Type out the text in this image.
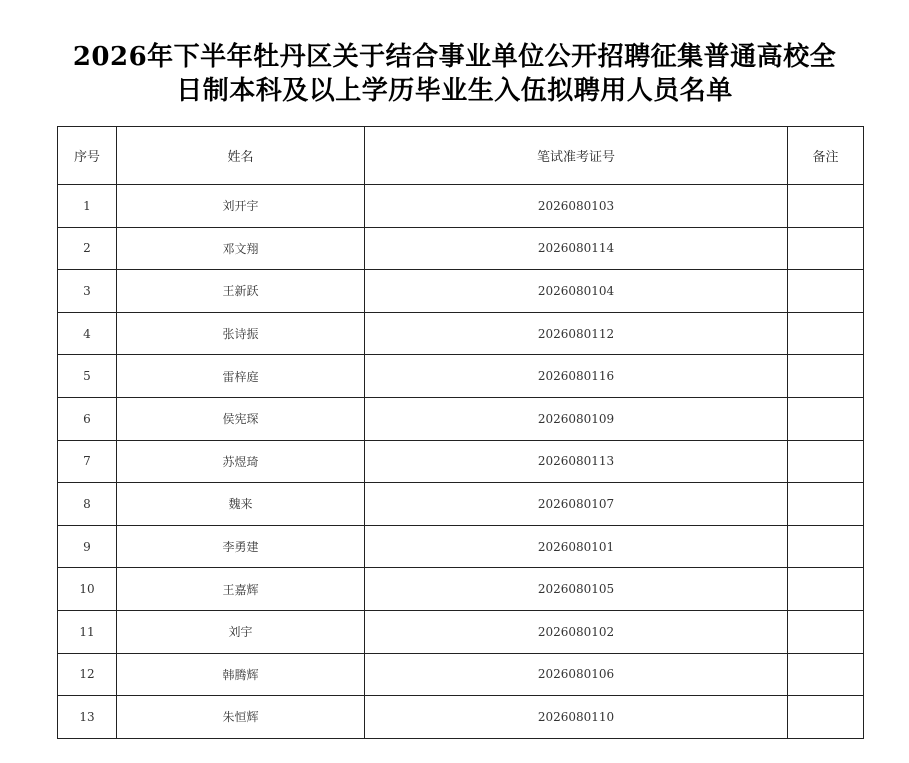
2026年下半年牡丹区关于结合事业单位公开招聘征集普通高校全
日制本科及以上学历毕业生入伍拟聘用人员名单
序号	姓名	笔试准考证号	备注
1	刘开宇	2026080103	
2	邓文翔	2026080114	
3	王新跃	2026080104	
4	张诗振	2026080112	
5	雷梓庭	2026080116	
6	侯宪琛	2026080109	
7	苏煜琦	2026080113	
8	魏来	2026080107	
9	李勇建	2026080101	
10	王嘉辉	2026080105	
11	刘宇	2026080102	
12	韩腾辉	2026080106	
13	朱恒辉	2026080110	
